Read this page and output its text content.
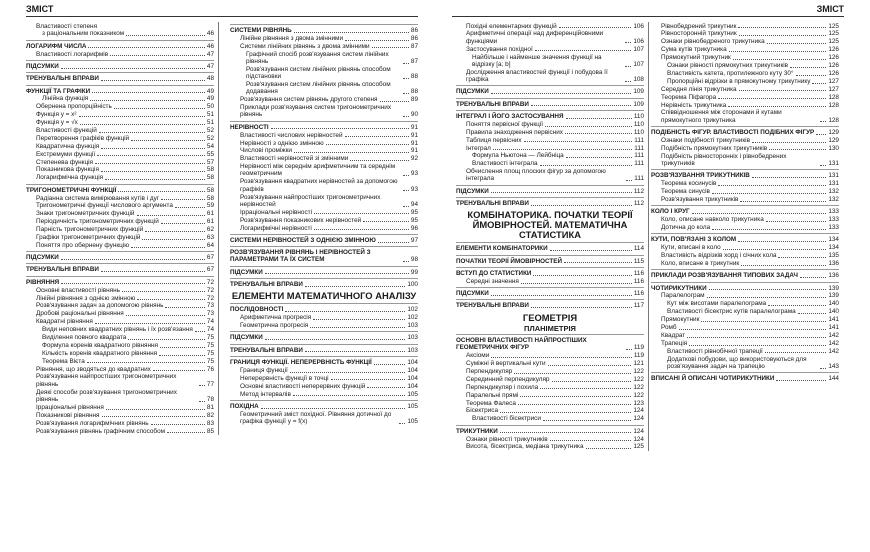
ЗМІСТ	ЗМІСТ
Властивості степеня
з раціональним показником	46
ЛОГАРИФМ ЧИСЛА	46
Властивості логарифмів	47
ПІДСУМКИ	47
ТРЕНУВАЛЬНІ ВПРАВИ	48
ФУНКЦІЇ ТА ГРАФІКИ	49
Лінійна функція	49
Обернена пропорційність	50
Функція y = x²	51
Функція y = √x	51
Властивості функцій	52
Перетворення графіків функцій	52
Квадратична функція	54
Екстремуми функції	55
Степенева функція	57
Показникова функція	58
Логарифмічна функція	58
ТРИГОНОМЕТРИЧНІ ФУНКЦІЇ	58
Радіанна система вимірювання кутів і дуг	58
Тригонометричні функції числового аргумента	59
Знаки тригонометричних функцій	61
Періодичність тригонометричних функцій	61
Парність тригонометричних функцій	62
Графіки тригонометричних функцій	63
Поняття про обернену функцію	64
ПІДСУМКИ	67
ТРЕНУВАЛЬНІ ВПРАВИ	67
РІВНЯННЯ	72
Основні властивості рівнянь	72
Лінійні рівняння з однією змінною	72
Розв'язування задач за допомогою рівнянь	73
Дробові раціональні рівняння	73
Квадратні рівняння	74
Види неповних квадратних рівнянь і їх розв'язання 74
Виділення повного квадрата	75
Формула коренів квадратного рівняння	75
Кількість коренів квадратного рівняння	75
Теорема Вієта	75
Рівняння, що зводяться до квадратних	76
Розв'язування найпростіших тригонометричних рівнянь	77
Деякі способи розв'язування тригонометричних рівнянь	78
Ірраціональні рівняння	81
Показникові рівняння	82
Розв'язування логарифмічних рівнянь	83
Розв'язування рівнянь графічним способом	85
СИСТЕМИ РІВНЯНЬ	86
Лінійне рівняння з двома змінними	86
Системи лінійних рівнянь з двома змінними	87
Графічний спосіб розв'язування систем лінійних рівнянь	87
Розв'язування систем лінійних рівнянь способом підстановки	88
Розв'язування систем лінійних рівнянь способом додавання	88
Розв'язування систем рівнянь другого степеня	89
Приклади розв'язування систем тригонометричних рівнянь	90
НЕРІВНОСТІ	91
Властивості числових нерівностей	91
Нерівності з однією змінною	91
Числові проміжки	91
Властивості нерівностей зі змінними	92
Нерівності між середнім арифметичним та середнім геометричним	93
Розв'язування квадратних нерівностей за допомогою графіків	93
Розв'язування найпростіших тригонометричних нерівностей	94
Ірраціональні нерівності	95
Розв'язування показникових нерівностей	95
Логарифмічні нерівності	96
СИСТЕМИ НЕРІВНОСТЕЙ З ОДНІЄЮ ЗМІННОЮ	97
РОЗВ'ЯЗУВАННЯ РІВНЯНЬ І НЕРІВНОСТЕЙ З ПАРАМЕТРАМИ ТА ЇХ СИСТЕМ	98
ПІДСУМКИ	99
ТРЕНУВАЛЬНІ ВПРАВИ	100
ЕЛЕМЕНТИ МАТЕМАТИЧНОГО АНАЛІЗУ
ПОСЛІДОВНОСТІ	102
Арифметична прогресія	102
Геометрична прогресія	103
ПІДСУМКИ	103
ТРЕНУВАЛЬНІ ВПРАВИ	103
ГРАНИЦЯ ФУНКЦІЇ. НЕПЕРЕРВНІСТЬ ФУНКЦІЇ	104
Границя функції	104
Неперервність функції в точці	104
Основні властивості неперервних функцій	104
Метод інтервалів	105
ПОХІДНА	105
Геометричний зміст похідної. Рівняння дотичної до графіка функції y = f(x)	105
Похідні елементарних функцій	106
Арифметичні операції над диференційовними функціями	106
Застосування похідної	107
Найбільше і найменше значення функції на відрізку [a; b]	107
Дослідження властивостей функції і побудова її графіка	108
ПІДСУМКИ	109
ТРЕНУВАЛЬНІ ВПРАВИ	109
ІНТЕГРАЛ І ЙОГО ЗАСТОСУВАННЯ	110
Поняття первісної функції	110
Правила знаходження первісних	110
Таблиця первісних	111
Інтеграл	111
Формула Ньютона — Лейбніца	111
Властивості інтеграла	111
Обчислення площ плоских фігур за допомогою інтеграла	111
ПІДСУМКИ	112
ТРЕНУВАЛЬНІ ВПРАВИ	112
КОМБІНАТОРИКА. ПОЧАТКИ ТЕОРІЇ ЙМОВІРНОСТЕЙ. МАТЕМАТИЧНА СТАТИСТИКА
ЕЛЕМЕНТИ КОМБІНАТОРИКИ	114
ПОЧАТКИ ТЕОРІЇ ЙМОВІРНОСТЕЙ	115
ВСТУП ДО СТАТИСТИКИ	116
Середні значення	116
ПІДСУМКИ	116
ТРЕНУВАЛЬНІ ВПРАВИ	117
ГЕОМЕТРІЯ
ПЛАНІМЕТРІЯ
ОСНОВНІ ВЛАСТИВОСТІ НАЙПРОСТІШИХ ГЕОМЕТРИЧНИХ ФІГУР	119
Аксіоми	119
Суміжні й вертикальні кути	121
Перпендикуляр	122
Серединний перпендикуляр	122
Перпендикуляр і похила	122
Паралельні прямі	122
Теорема Фалеса	123
Бісектриса	124
Властивості бісектриси	124
ТРИКУТНИКИ	124
Ознаки рівності трикутників	124
Висота, бісектриса, медіана трикутника	125
Рівнобедрений трикутник	125
Рівносторонній трикутник	125
Ознаки рівнобедреного трикутника	125
Сума кутів трикутника	126
Прямокутний трикутник	126
Ознаки рівності прямокутних трикутників	126
Властивість катета, протилежного куту 30°	126
Пропорційні відрізки в прямокутному трикутнику	127
Середня лінія трикутника	127
Теорема Піфагора	128
Нерівність трикутника	128
Співвідношення між сторонами й кутами прямокутного трикутника	128
ПОДІБНІСТЬ ФІГУР. ВЛАСТИВОСТІ ПОДІБНИХ ФІГУР 129
Ознаки подібності трикутників	129
Подібність прямокутних трикутників	130
Подібність рівносторонніх і рівнобедрених трикутників	131
РОЗВ'ЯЗУВАННЯ ТРИКУТНИКІВ	131
Теорема косинусів	131
Теорема синусів	132
Розв'язування трикутників	132
КОЛО І КРУГ	133
Коло, описане навколо трикутника	133
Дотична до кола	133
КУТИ, ПОВ'ЯЗАНІ З КОЛОМ	134
Кути, вписані в коло	134
Властивість відрізків хорд і січних кола	135
Коло, вписане в трикутник	136
ПРИКЛАДИ РОЗВ'ЯЗУВАННЯ ТИПОВИХ ЗАДАЧ	136
ЧОТИРИКУТНИКИ	139
Паралелограм	139
Кут між висотами паралелограма	140
Властивості бісектрис кутів паралелограма	140
Прямокутник	141
Ромб	141
Квадрат	142
Трапеція	142
Властивості рівнобічної трапеції	142
Додаткові побудови, що використовуються для розв'язування задач на трапецію	143
ВПИСАНІ Й ОПИСАНІ ЧОТИРИКУТНИКИ	144
